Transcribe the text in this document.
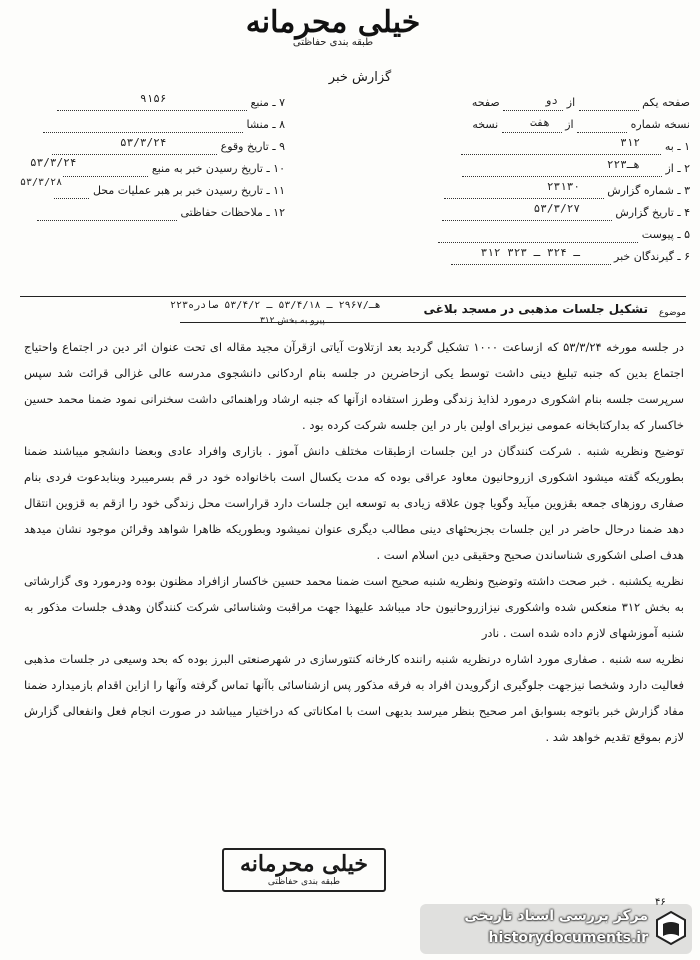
خیلی محرمانه
طبقه بندی حفاظتی
گزارش خبر
صفحه یکم  از  صفحه	دو
نسخه شماره  از  نسخه	هفت
۱ ـ به
۳۱۲
۲ ـ از
۲۲۳هـ
۳ ـ شماره گزارش
۲۳۱۳۰
۴ ـ تاریخ گزارش
۵۳/۳/۲۷
۵ ـ پیوست
۶ ـ گیرندگان خبر
۳۱۲ ـ ۳۲۴ ـ ۳۲۳
۷ ـ منبع
۹۱۵۶
۸ ـ منشا
۹ ـ تاریخ وقوع
۵۳/۳/۲۴
۱۰ ـ تاریخ رسیدن خبر به منبع
۵۳/۳/۲۴
۱۱ ـ تاریخ رسیدن خبر بر هبر عملیات محل
۵۳/۳/۲۸
۱۲ ـ ملاحظات حفاظتی
موضوع
تشکیل جلسات مذهبی در مسجد بلاغی
۲۲۳هـ/۲۹۶۷ ـ ۵۳/۴/۱۸ ـ ۵۳/۴/۲ صادره
پیرو به بخش ۳۱۲

در جلسه مورخه ۵۳/۳/۲۴ که ازساعت ۱۰۰۰ تشکیل گردید بعد ازتلاوت آیاتی ازقرآن مجید مقاله ای تحت عنوان اثر دین در اجتماع واحتیاج اجتماع بدین که جنبه تبلیغ دینی داشت توسط یکی ازحاضرین در جلسه بنام اردکانی دانشجوی مدرسه عالی غزالی قرائت شد سپس سرپرست جلسه بنام اشکوری درمورد لذایذ زندگی وطرز استفاده ازآنها که جنبه ارشاد وراهنمائی داشت سخنرانی نمود ضمنا محمد حسین خاکسار که بدارکتابخانه عمومی نیزبرای اولین بار در این جلسه شرکت کرده بود .

توضیح ونظریه شنبه . شرکت کنندگان در این جلسات ازطبقات مختلف دانش آموز . بازاری وافراد عادی وبعضا دانشجو میباشند ضمنا بطوریکه گفته میشود اشکوری ازروحانیون معاود عراقی بوده که مدت یکسال است باخانواده خود در قم بسرمیبرد وبنابدعوت فردی بنام صفاری روزهای جمعه بقزوین میآید وگویا چون علاقه زیادی به توسعه این جلسات دارد قراراست محل زندگی خود را ازقم به قزوین انتقال دهد ضمنا درحال حاضر در این جلسات بجزبحثهای دینی مطالب دیگری عنوان نمیشود وبطوریکه ظاهرا شواهد وقرائن موجود نشان میدهد هدف اصلی اشکوری شناساندن صحیح وحقیقی دین اسلام است .

نظریه یکشنبه . خبر صحت داشته وتوضیح ونظریه شنبه صحیح است ضمنا محمد حسین خاکسار ازافراد مظنون بوده ودرمورد وی گزارشاتی به بخش ۳۱۲ منعکس شده واشکوری نیزازروحانیون حاد میباشد علیهذا جهت مراقبت وشناسائی شرکت کنندگان وهدف جلسات مذکور به شنبه آموزشهای لازم داده شده است . نادر

نظریه سه شنبه . صفاری مورد اشاره درنظریه شنبه راننده کارخانه کنتورسازی در شهرصنعتی البرز بوده که بحد وسیعی در جلسات مذهبی فعالیت دارد وشخصا نیزجهت جلوگیری ازگرویدن افراد به فرقه مذکور پس ازشناسائی باآنها تماس گرفته وآنها را ازاین اقدام بازمیدارد ضمنا مفاد گزارش خبر باتوجه بسوابق امر صحیح بنظر میرسد بدیهی است با امکاناتی که دراختیار میباشد در صورت انجام فعل وانفعالی گزارش لازم بموقع تقدیم خواهد شد .

خیلی محرمانه
طبقه بندی حفاظتی
۴۶
مرکز بررسی اسناد تاریخی
historydocuments.ir
